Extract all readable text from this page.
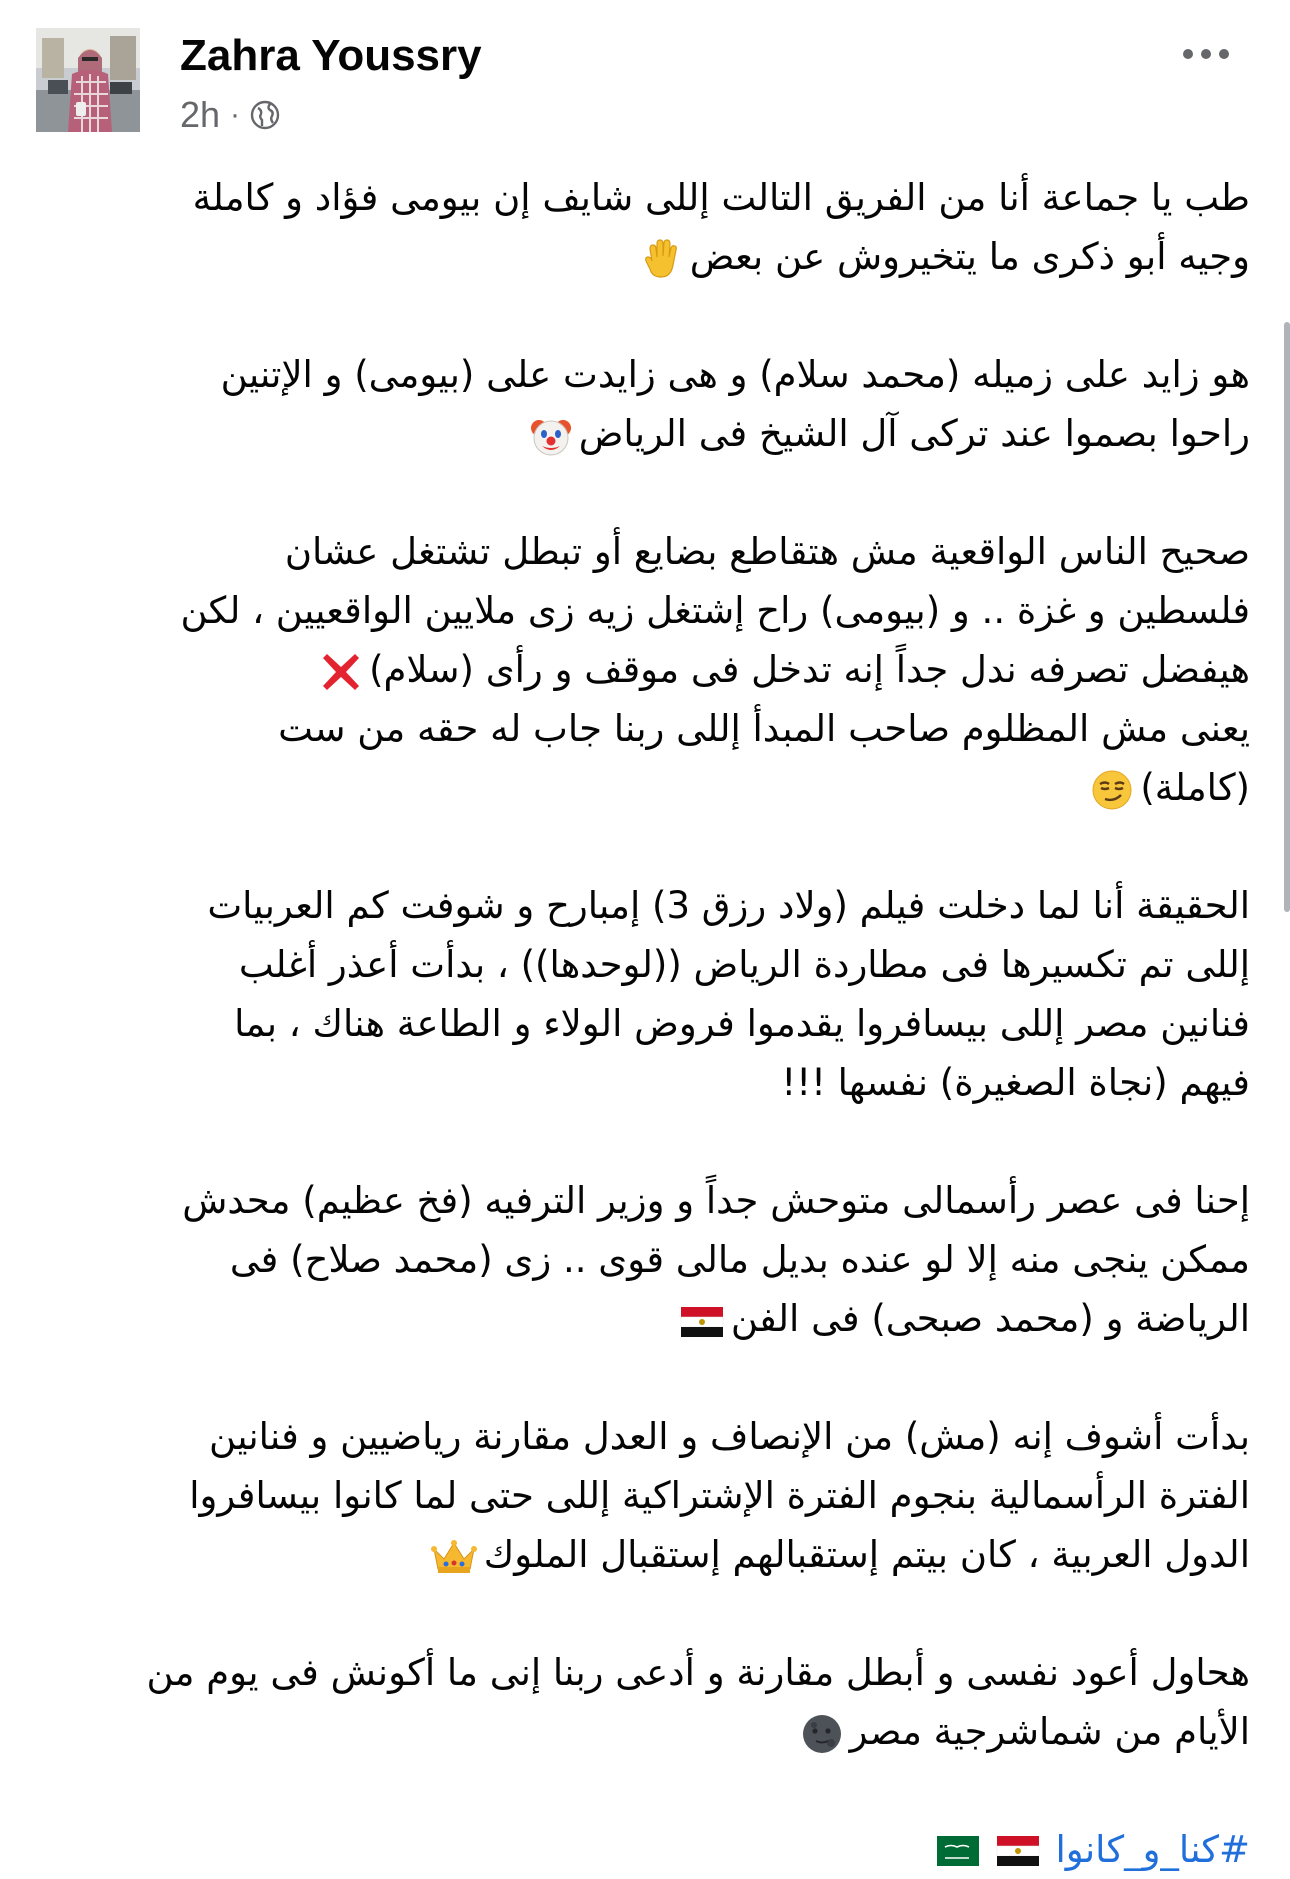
Zahra Youssry
2h ·
طب يا جماعة أنا من الفريق التالت إللى شايف إن بيومى فؤاد و كاملة
وجيه أبو ذكرى ما يتخيروش عن بعض
هو زايد على زميله (محمد سلام) و هى زايدت على (بيومى) و الإتنين
راحوا بصموا عند تركى آل الشيخ فى الرياض
صحيح الناس الواقعية مش هتقاطع بضايع أو تبطل تشتغل عشان
فلسطين و غزة .. و (بيومى) راح إشتغل زيه زى ملايين الواقعيين ، لكن
هيفضل تصرفه ندل جداً إنه تدخل فى موقف و رأى (سلام)
يعنى مش المظلوم صاحب المبدأ إللى ربنا جاب له حقه من ست
(كاملة)
الحقيقة أنا لما دخلت فيلم (ولاد رزق 3) إمبارح و شوفت كم العربيات
إللى تم تكسيرها فى مطاردة الرياض ((لوحدها)) ، بدأت أعذر أغلب
فنانين مصر إللى بيسافروا يقدموا فروض الولاء و الطاعة هناك ، بما
فيهم (نجاة الصغيرة) نفسها !!!
إحنا فى عصر رأسمالى متوحش جداً و وزير الترفيه (فخ عظيم) محدش
ممكن ينجى منه إلا لو عنده بديل مالى قوى .. زى (محمد صلاح) فى
الرياضة و (محمد صبحى) فى الفن
بدأت أشوف إنه (مش) من الإنصاف و العدل مقارنة رياضيين و فنانين
الفترة الرأسمالية بنجوم الفترة الإشتراكية إللى حتى لما كانوا بيسافروا
الدول العربية ، كان بيتم إستقبالهم إستقبال الملوك
هحاول أعود نفسى و أبطل مقارنة و أدعى ربنا إنى ما أكونش فى يوم من
الأيام من شماشرجية مصر
#كنا_و_كانوا
